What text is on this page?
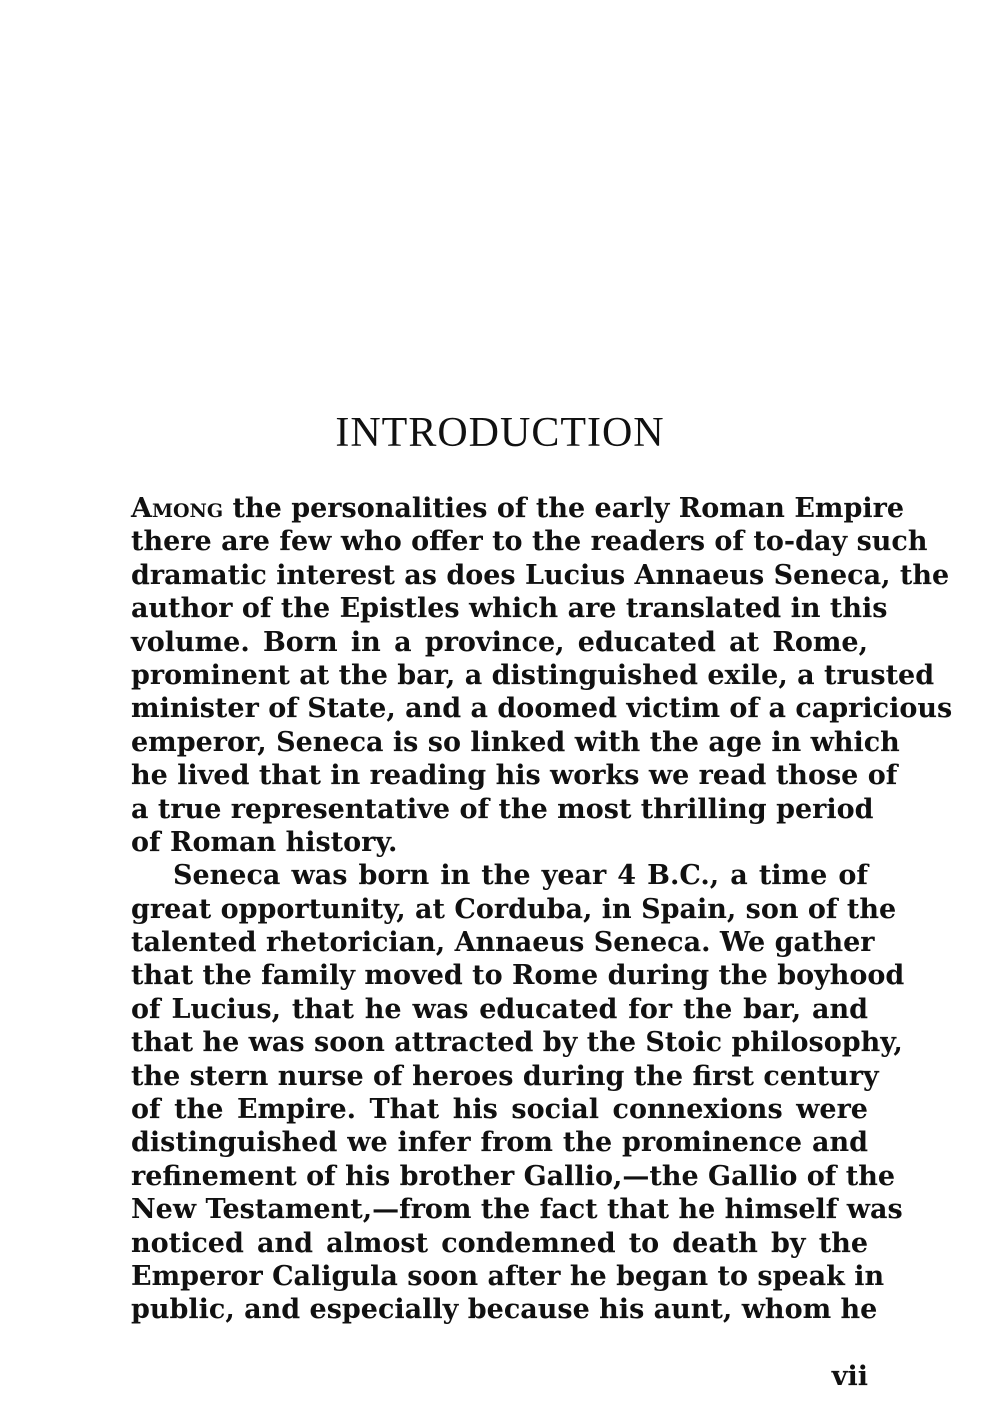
INTRODUCTION
Among the personalities of the early Roman Empire
there are few who offer to the readers of to-day such
dramatic interest as does Lucius Annaeus Seneca, the
author of the Epistles which are translated in this
volume. Born in a province, educated at Rome,
prominent at the bar, a distinguished exile, a trusted
minister of State, and a doomed victim of a capricious
emperor, Seneca is so linked with the age in which
he lived that in reading his works we read those of
a true representative of the most thrilling period
of Roman history.
Seneca was born in the year 4 B.C., a time of
great opportunity, at Corduba, in Spain, son of the
talented rhetorician, Annaeus Seneca. We gather
that the family moved to Rome during the boyhood
of Lucius, that he was educated for the bar, and
that he was soon attracted by the Stoic philosophy,
the stern nurse of heroes during the first century
of the Empire. That his social connexions were
distinguished we infer from the prominence and
refinement of his brother Gallio,—the Gallio of the
New Testament,—from the fact that he himself was
noticed and almost condemned to death by the
Emperor Caligula soon after he began to speak in
public, and especially because his aunt, whom he
vii
